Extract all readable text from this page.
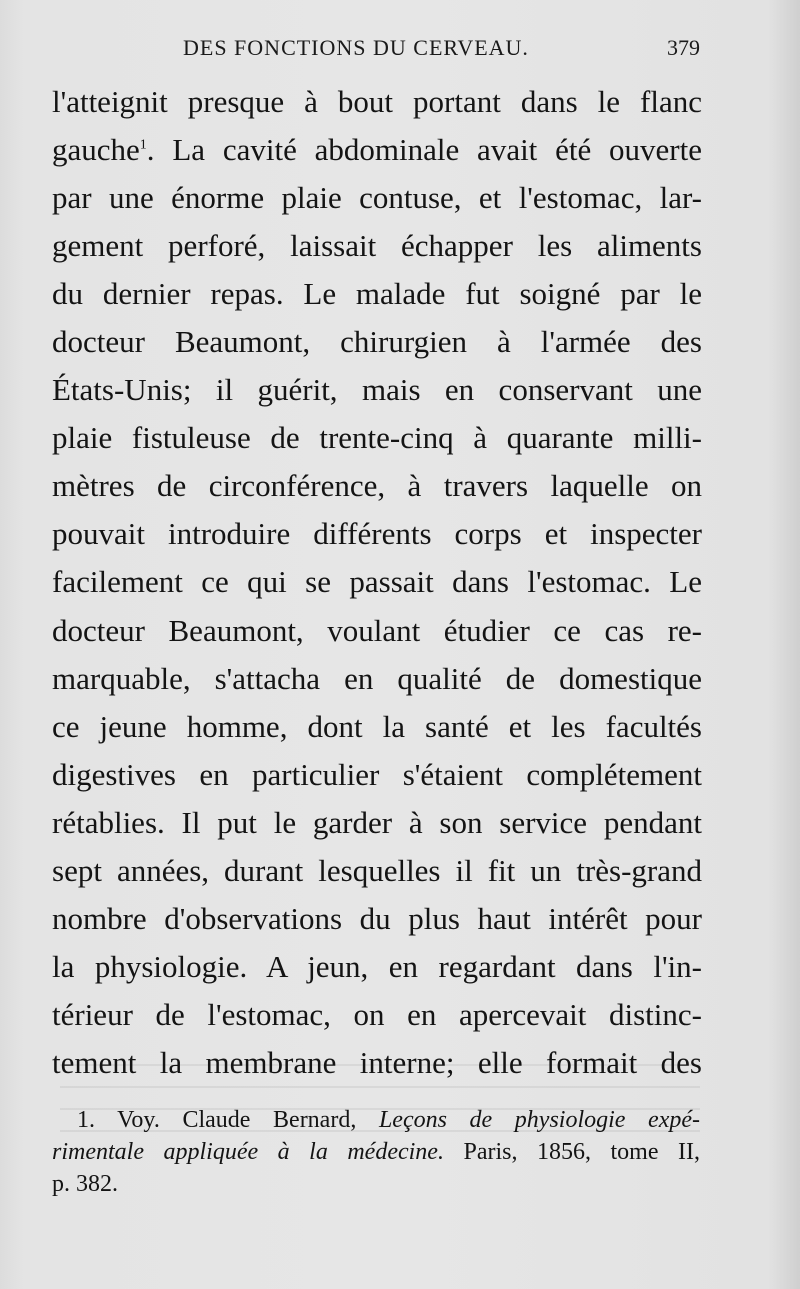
DES FONCTIONS DU CERVEAU.	379
l'atteignit presque à bout portant dans le flanc
gauche$^1$. La cavité abdominale avait été ouverte
par une énorme plaie contuse, et l'estomac, lar-
gement perforé, laissait échapper les aliments
du dernier repas. Le malade fut soigné par le
docteur Beaumont, chirurgien à l'armée des
États-Unis; il guérit, mais en conservant une
plaie fistuleuse de trente-cinq à quarante milli-
mètres de circonférence, à travers laquelle on
pouvait introduire différents corps et inspecter
facilement ce qui se passait dans l'estomac. Le
docteur Beaumont, voulant étudier ce cas re-
marquable, s'attacha en qualité de domestique
ce jeune homme, dont la santé et les facultés
digestives en particulier s'étaient complétement
rétablies. Il put le garder à son service pendant
sept années, durant lesquelles il fit un très-grand
nombre d'observations du plus haut intérêt pour
la physiologie. A jeun, en regardant dans l'in-
térieur de l'estomac, on en apercevait distinc-
tement la membrane interne; elle formait des
1. Voy. Claude Bernard, Leçons de physiologie expé-
rimentale appliquée à la médecine. Paris, 1856, tome II,
p. 382.
